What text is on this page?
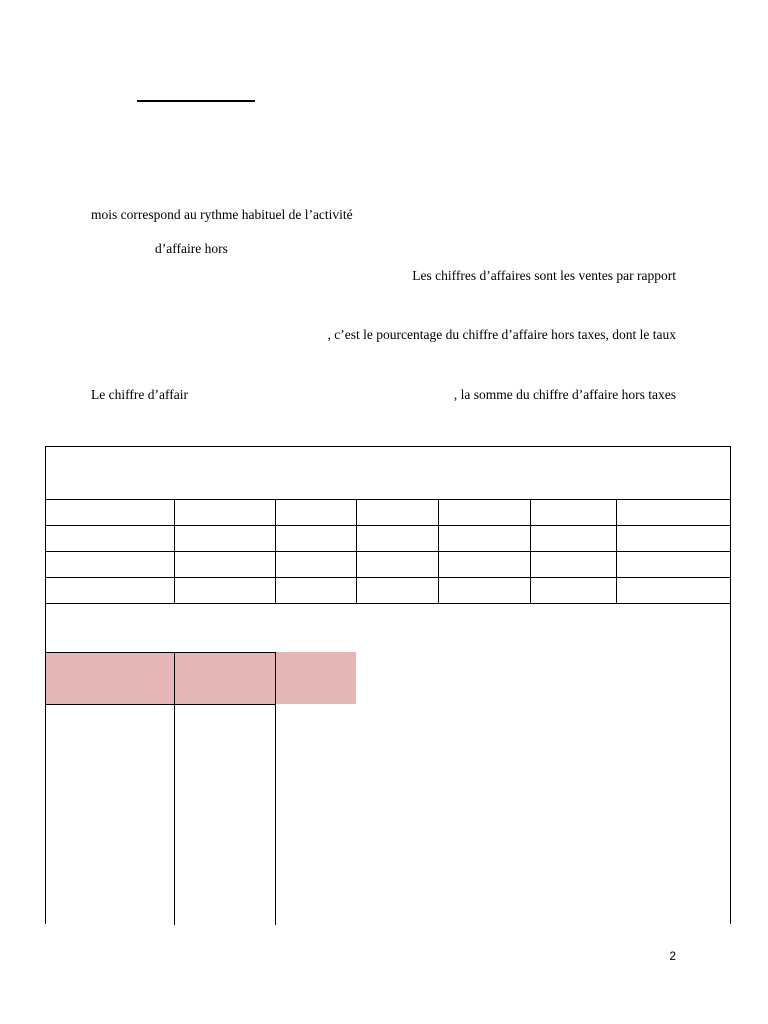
mois correspond au rythme habituel de l’activité
d’affaire hors
Les chiffres d’affaires sont les ventes par rapport
, c’est le pourcentage du chiffre d’affaire hors taxes, dont le taux
Le chiffre d’affair	, la somme du chiffre d’affaire hors taxes
2
